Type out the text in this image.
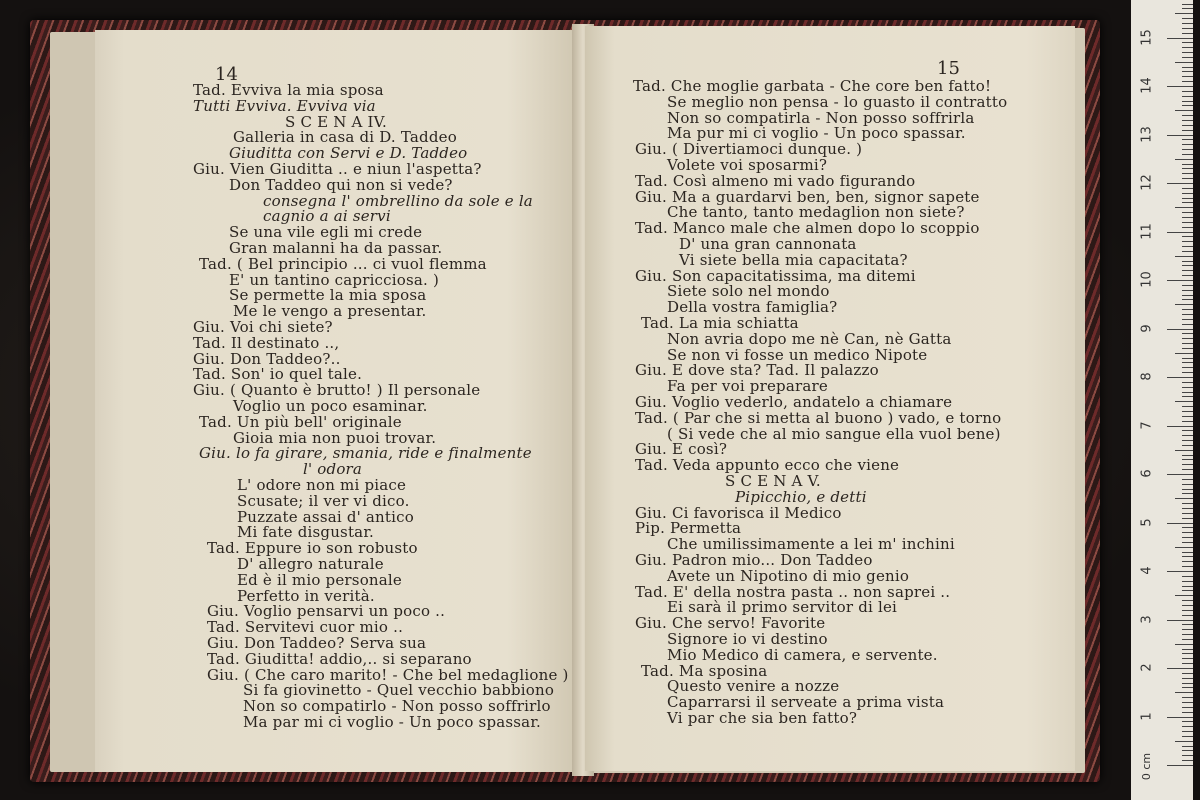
14
Tad. Evviva la mia sposa
Tutti Evviva. Evviva via
S C E N A IV.
Galleria in casa di D. Taddeo
Giuditta con Servi e D. Taddeo
Giu. Vien Giuditta .. e niun l'aspetta?
Don Taddeo qui non si vede?
consegna l' ombrellino da sole e la
cagnio a ai servi
Se una vile egli mi crede
Gran malanni ha da passar.
Tad. ( Bel principio ... ci vuol flemma
E' un tantino capricciosa. )
Se permette la mia sposa
Me le vengo a presentar.
Giu. Voi chi siete?
Tad. Il destinato ..,
Giu. Don Taddeo?..
Tad. Son' io quel tale.
Giu. ( Quanto è brutto! ) Il personale
Voglio un poco esaminar.
Tad. Un più bell' originale
Gioia mia non puoi trovar.
Giu. lo fa girare, smania, ride e finalmente
l' odora
L' odore non mi piace
Scusate; il ver vi dico.
Puzzate assai d' antico
Mi fate disgustar.
Tad. Eppure io son robusto
D' allegro naturale
Ed è il mio personale
Perfetto in verità.
Giu. Voglio pensarvi un poco ..
Tad. Servitevi cuor mio ..
Giu. Don Taddeo? Serva sua
Tad. Giuditta! addio,.. si separano
Giu. ( Che caro marito! - Che bel medaglione )
Si fa giovinetto - Quel vecchio babbiono
Non so compatirlo - Non posso soffrirlo
Ma par mi ci voglio - Un poco spassar.
15
Tad. Che moglie garbata - Che core ben fatto!
Se meglio non pensa - lo guasto il contratto
Non so compatirla - Non posso soffrirla
Ma pur mi ci voglio - Un poco spassar.
Giu. ( Divertiamoci dunque. )
Volete voi sposarmi?
Tad. Così almeno mi vado figurando
Giu. Ma a guardarvi ben, ben, signor sapete
Che tanto, tanto medaglion non siete?
Tad. Manco male che almen dopo lo scoppio
D' una gran cannonata
Vi siete bella mia capacitata?
Giu. Son capacitatissima, ma ditemi
Siete solo nel mondo
Della vostra famiglia?
Tad. La mia schiatta
Non avria dopo me nè Can, nè Gatta
Se non vi fosse un medico Nipote
Giu. E dove sta? Tad. Il palazzo
Fa per voi preparare
Giu. Voglio vederlo, andatelo a chiamare
Tad. ( Par che si metta al buono ) vado, e torno
( Si vede che al mio sangue ella vuol bene)
Giu. E così?
Tad. Veda appunto ecco che viene
S C E N A V.
Pipicchio, e detti
Giu. Ci favorisca il Medico
Pip. Permetta
Che umilissimamente a lei m' inchini
Giu. Padron mio... Don Taddeo
Avete un Nipotino di mio genio
Tad. E' della nostra pasta .. non saprei ..
Ei sarà il primo servitor di lei
Giu. Che servo! Favorite
Signore io vi destino
Mio Medico di camera, e servente.
Tad. Ma sposina
Questo venire a nozze
Caparrarsi il serveate a prima vista
Vi par che sia ben fatto?
0 cm
1
2
3
4
5
6
7
8
9
10
11
12
13
14
15
